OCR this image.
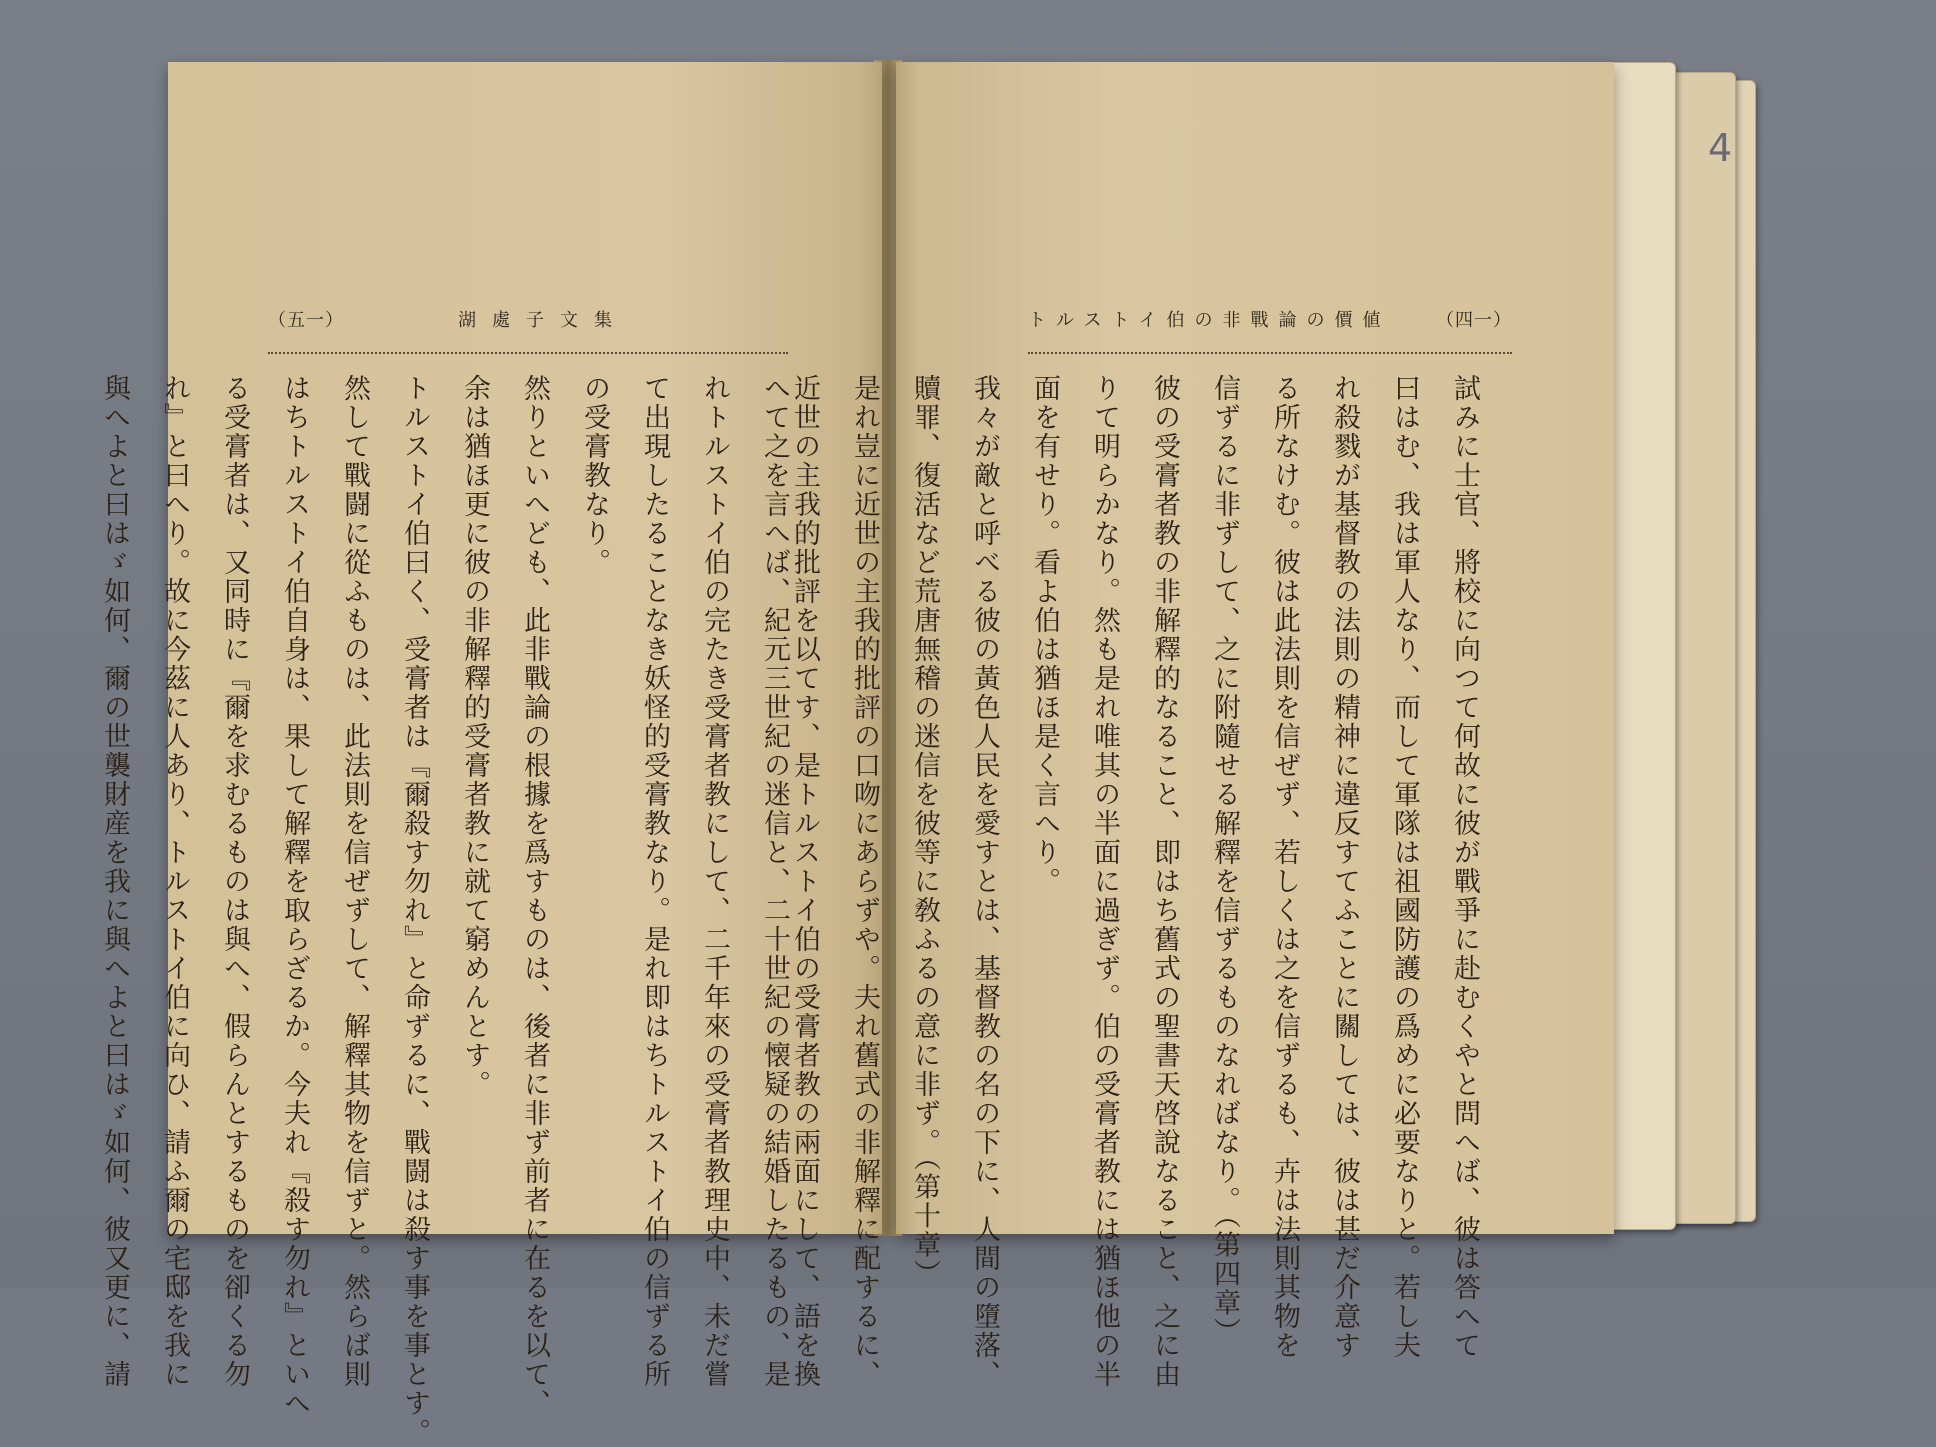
4
（五一）	湖處子文集

へて之を言へば、紀元三世紀の迷信と、二十世紀の懐疑の結婚したるもの、是

れトルストイ伯の完たき受膏者教にして、二千年來の受膏者教理史中、未だ嘗

て出現したることなき妖怪的受膏教なり。是れ即はちトルストイ伯の信ずる所

の受膏教なり。

然りといへども、此非戰論の根據を爲すものは、後者に非ず前者に在るを以て、

余は猶ほ更に彼の非解釋的受膏者教に就て窮めんとす。

トルストイ伯曰く、受膏者は『爾殺す勿れ』と命ずるに、戰闘は殺す事を事とす。

然して戰闘に從ふものは、此法則を信ぜずして、解釋其物を信ずと。然らば則

はちトルストイ伯自身は、果して解釋を取らざるか。今夫れ『殺す勿れ』といへ

る受膏者は、又同時に『爾を求むるものは與へ、假らんとするものを卻くる勿

れ』と曰へり。故に今茲に人あり、トルストイ伯に向ひ、請ふ爾の宅邸を我に

與へよと曰はゞ如何、爾の世襲財産を我に與へよと曰はゞ如何、彼又更に、請

トルストイ伯の非戰論の價値	（四一）

試みに士官、將校に向つて何故に彼が戰爭に赴むくやと問へば、彼は答へて

曰はむ、我は軍人なり、而して軍隊は祖國防護の爲めに必要なりと。若し夫

れ殺戮が基督教の法則の精神に違反すてふことに關しては、彼は甚だ介意す

る所なけむ。彼は此法則を信ぜず、若しくは之を信ずるも、卉は法則其物を

信ずるに非ずして、之に附隨せる解釋を信ずるものなればなり。（第四章）

彼の受膏者教の非解釋的なること、即はち舊式の聖書天啓說なること、之に由

りて明らかなり。然も是れ唯其の半面に過ぎず。伯の受膏者教には猶ほ他の半

面を有せり。看よ伯は猶ほ是く言へり。

我々が敵と呼べる彼の黃色人民を愛すとは、基督教の名の下に、人間の墮落、

贖罪、復活など荒唐無稽の迷信を彼等に敎ふるの意に非ず。（第十章）

是れ豈に近世の主我的批評の口吻にあらずや。夫れ舊式の非解釋に配するに、

近世の主我的批評を以てす、是トルストイ伯の受膏者教の兩面にして、語を換
